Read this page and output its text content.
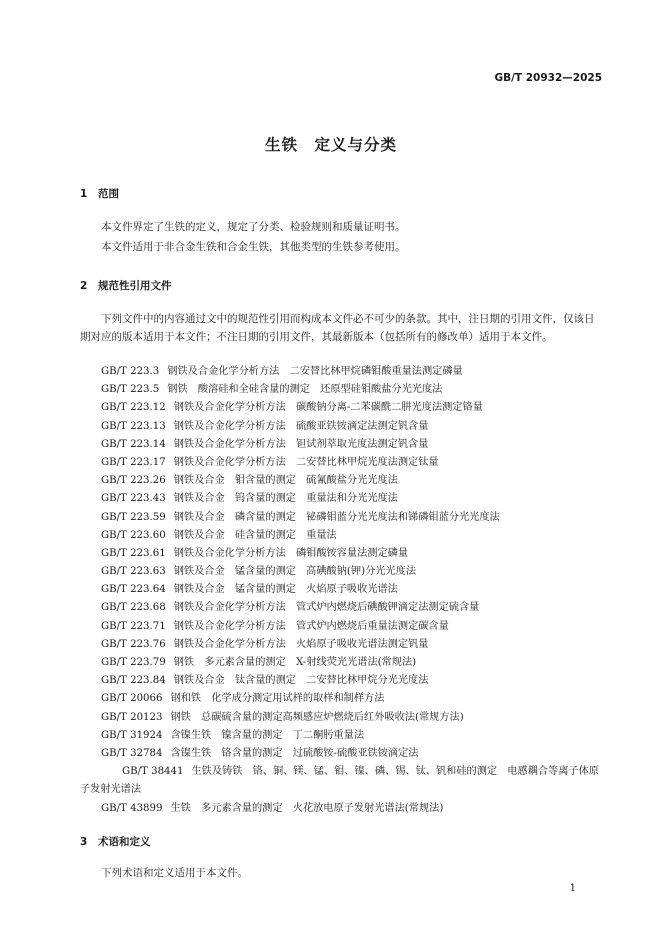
GB/T 20932—2025
生铁　定义与分类
1 范围
本文件界定了生铁的定义，规定了分类、检验规则和质量证明书。
本文件适用于非合金生铁和合金生铁，其他类型的生铁参考使用。
2 规范性引用文件
下列文件中的内容通过文中的规范性引用而构成本文件必不可少的条款。其中，注日期的引用文件，仅该日期对应的版本适用于本文件；不注日期的引用文件，其最新版本（包括所有的修改单）适用于本文件。
GB/T 223.3 钢铁及合金化学分析方法　二安替比林甲烷磷钼酸重量法测定磷量
GB/T 223.5 钢铁　酸溶硅和全硅含量的测定　还原型硅钼酸盐分光光度法
GB/T 223.12 钢铁及合金化学分析方法　碳酸钠分离-二苯碳酰二肼光度法测定铬量
GB/T 223.13 钢铁及合金化学分析方法　硫酸亚铁铵滴定法测定钒含量
GB/T 223.14 钢铁及合金化学分析方法　钽试剂萃取光度法测定钒含量
GB/T 223.17 钢铁及合金化学分析方法　二安替比林甲烷光度法测定钛量
GB/T 223.26 钢铁及合金　钼含量的测定　硫氰酸盐分光光度法
GB/T 223.43 钢铁及合金　钨含量的测定　重量法和分光光度法
GB/T 223.59 钢铁及合金　磷含量的测定　铋磷钼蓝分光光度法和锑磷钼蓝分光光度法
GB/T 223.60 钢铁及合金　硅含量的测定　重量法
GB/T 223.61 钢铁及合金化学分析方法　磷钼酸铵容量法测定磷量
GB/T 223.63 钢铁及合金　锰含量的测定　高碘酸钠(钾)分光光度法
GB/T 223.64 钢铁及合金　锰含量的测定　火焰原子吸收光谱法
GB/T 223.68 钢铁及合金化学分析方法　管式炉内燃烧后碘酸钾滴定法测定硫含量
GB/T 223.71 钢铁及合金化学分析方法　管式炉内燃烧后重量法测定碳含量
GB/T 223.76 钢铁及合金化学分析方法　火焰原子吸收光谱法测定钒量
GB/T 223.79 钢铁　多元素含量的测定　X-射线荧光光谱法(常规法)
GB/T 223.84 钢铁及合金　钛含量的测定　二安替比林甲烷分光光度法
GB/T 20066 钢和铁　化学成分测定用试样的取样和制样方法
GB/T 20123 钢铁　总碳硫含量的测定高频感应炉燃烧后红外吸收法(常规方法)
GB/T 31924 含镍生铁　镍含量的测定　丁二酮肟重量法
GB/T 32784 含镍生铁　铬含量的测定　过硫酸铵-硫酸亚铁铵滴定法
GB/T 38441 生铁及铸铁　铬、铜、镁、锰、钼、镍、磷、锡、钛、钒和硅的测定　电感耦合等离子体原子发射光谱法
GB/T 43899 生铁　多元素含量的测定　火花放电原子发射光谱法(常规法)
3 术语和定义
下列术语和定义适用于本文件。
1
